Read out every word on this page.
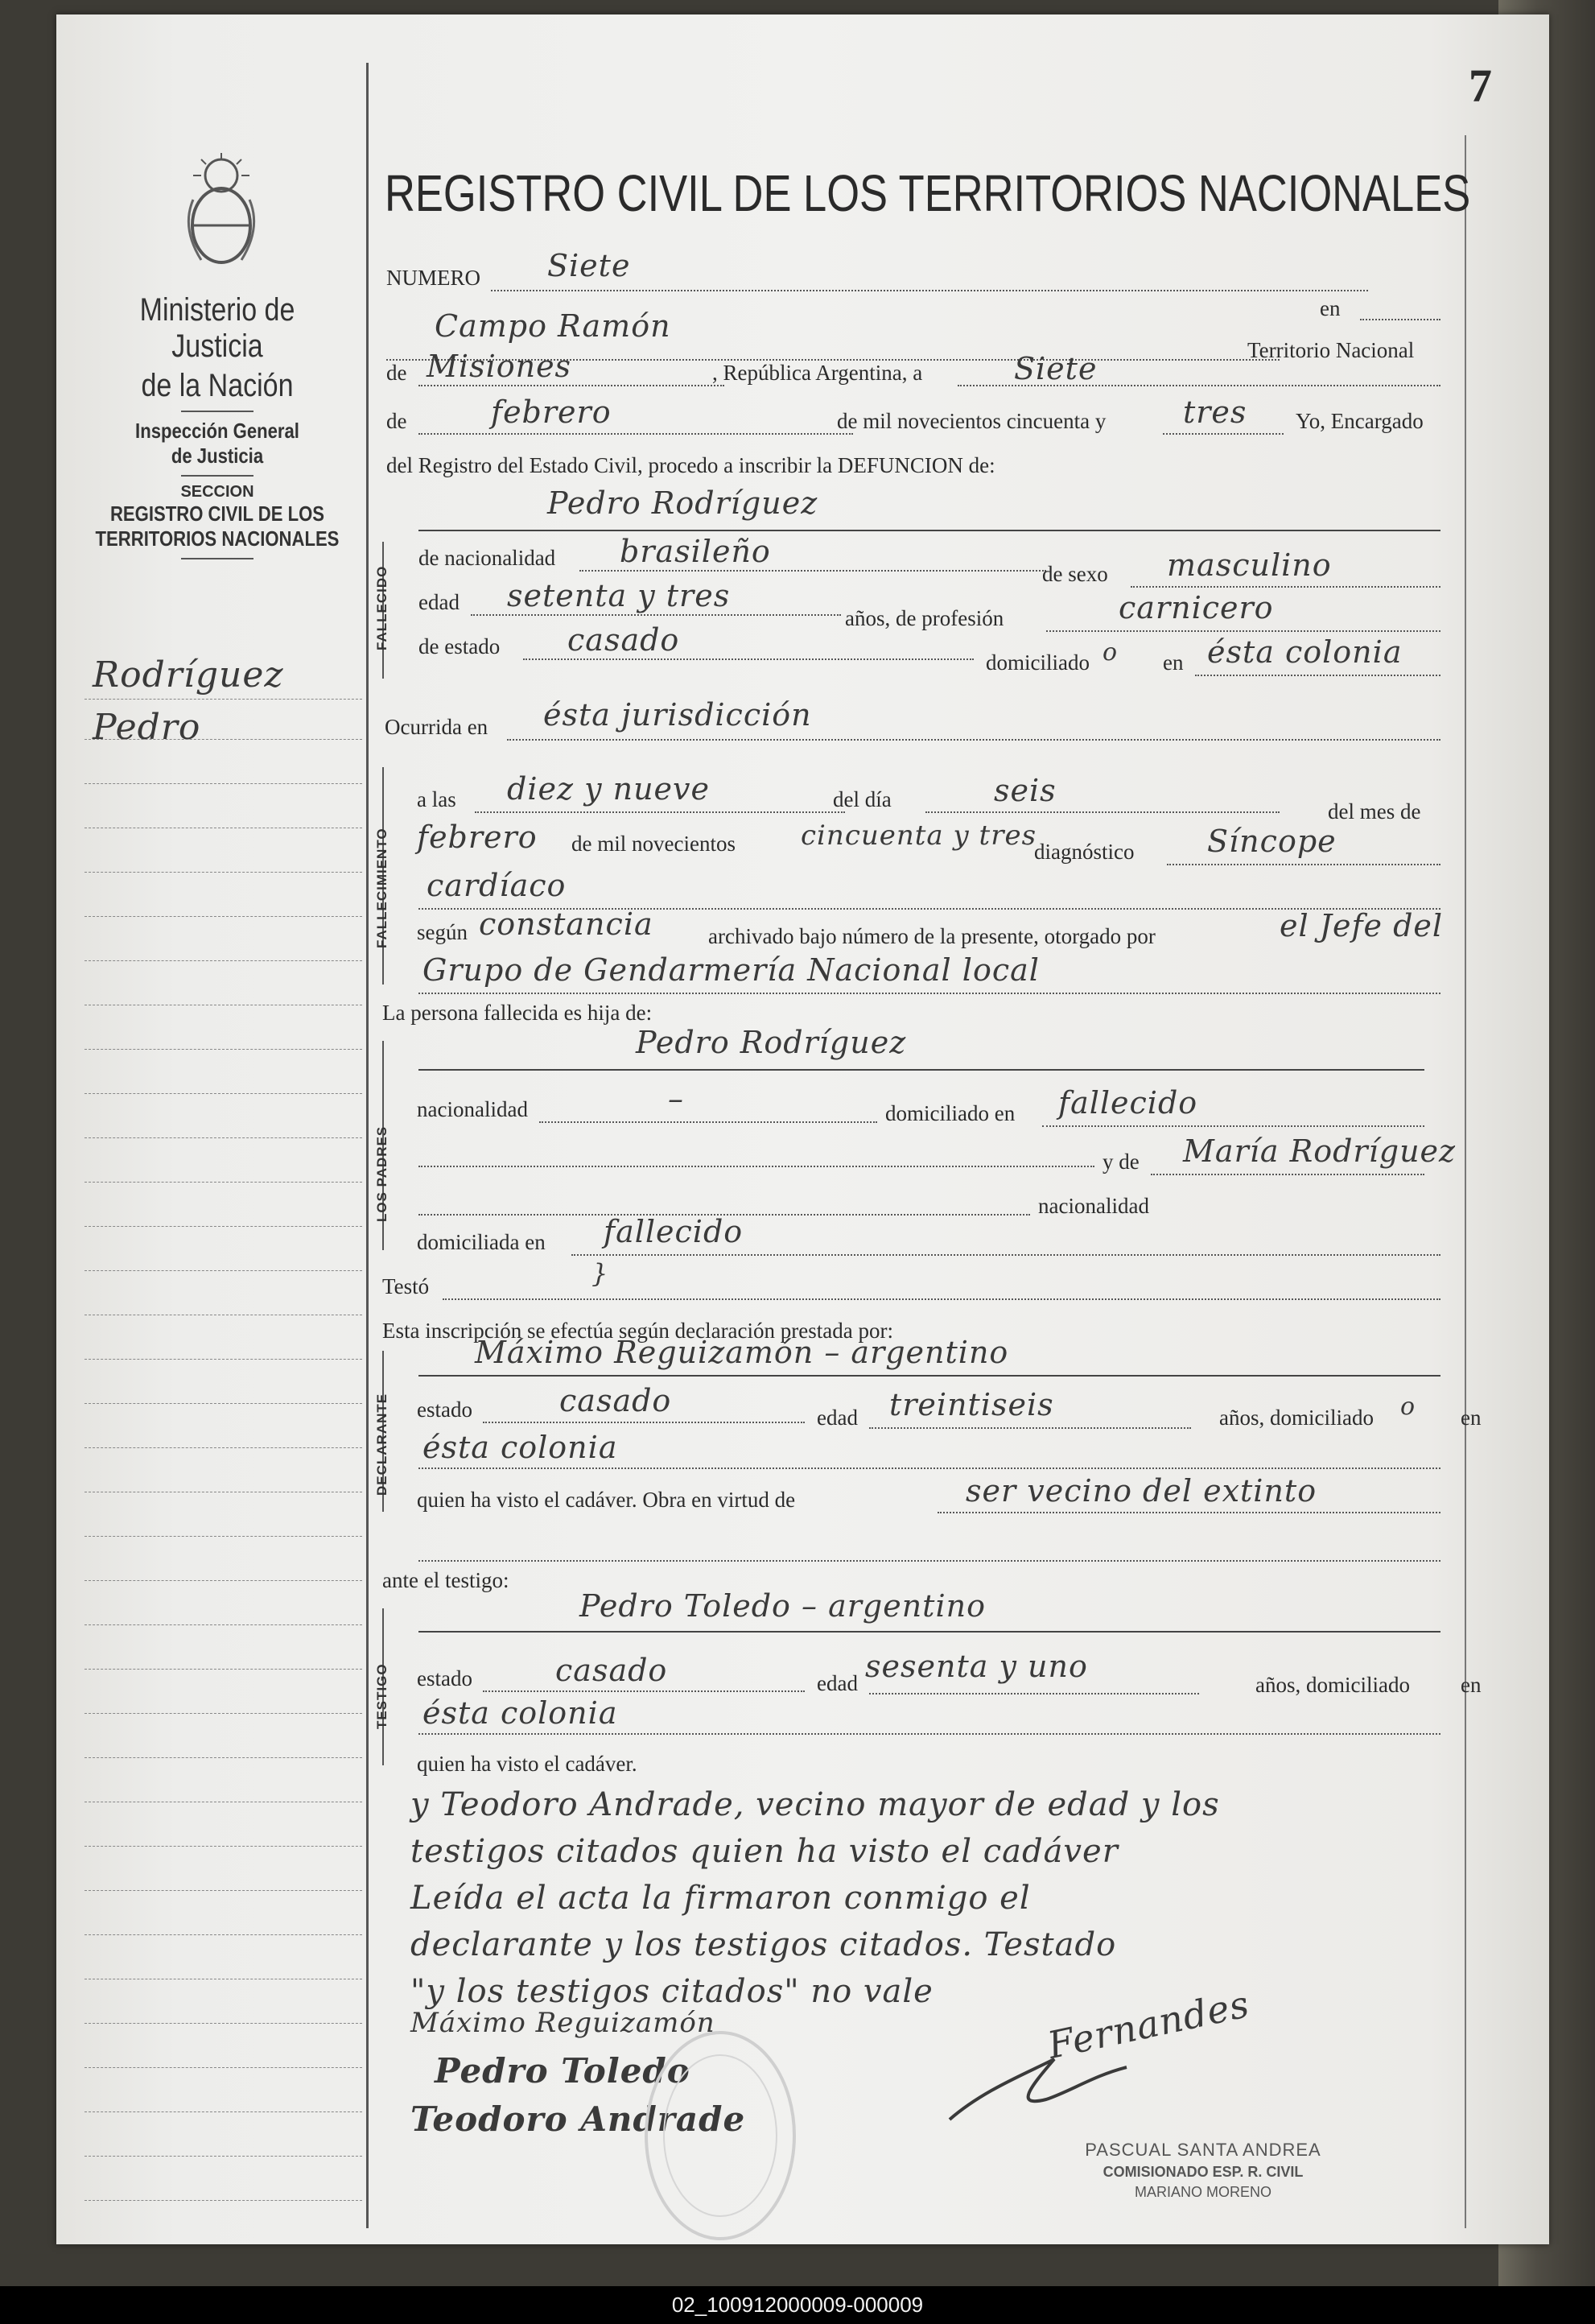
7
Ministerio de Justicia
de la Nación
Inspección General
de Justicia
SECCION
REGISTRO CIVIL DE LOS
TERRITORIOS NACIONALES
Rodríguez
Pedro
REGISTRO CIVIL DE LOS TERRITORIOS NACIONALES
NUMERO Siete
en
Campo Ramón
Territorio Nacional
de Misiones	, República Argentina, a	Siete
de	febrero	de mil novecientos cincuenta y	tres Yo, Encargado
del Registro del Estado Civil, procedo a inscribir la DEFUNCION de:
FALLECIDO
Pedro Rodríguez
de nacionalidad brasileño
de sexo masculino
edad setenta y tres
años, de profesión	carnicero
de estado casado
domiciliado o en ésta colonia
Ocurrida en ésta jurisdicción
FALLECIMIENTO
a las diez y nueve	del día	seis
del mes de
febrero de mil novecientos cincuenta y tres
diagnóstico Síncope
cardíaco
según constancia	archivado bajo número de la presente, otorgado por	el Jefe del
Grupo de Gendarmería Nacional local
La persona fallecida es hija de:
LOS PADRES
Pedro Rodríguez
nacionalidad	–	domiciliado en fallecido
y de María Rodríguez
nacionalidad
domiciliada en fallecido
Testó	}
Esta inscripción se efectúa según declaración prestada por:
DECLARANTE
Máximo Reguizamón – argentino
estado	casado	edad treintiseis	años, domiciliado o en
ésta colonia
quien ha visto el cadáver. Obra en virtud de	ser vecino del extinto
ante el testigo:
TESTIGO
Pedro Toledo – argentino
estado	casado	edad sesenta y uno
años, domiciliado en
ésta colonia
quien ha visto el cadáver.
y Teodoro Andrade, vecino mayor de edad y los
testigos citados quien ha visto el cadáver
Leída el acta la firmaron conmigo el
declarante y los testigos citados. Testado
"y los testigos citados" no vale
Máximo Reguizamón
Pedro Toledo
Teodoro Andrade
Fernandes
PASCUAL SANTA ANDREA
COMISIONADO ESP. R. CIVIL
MARIANO MORENO
02_100912000009-000009
